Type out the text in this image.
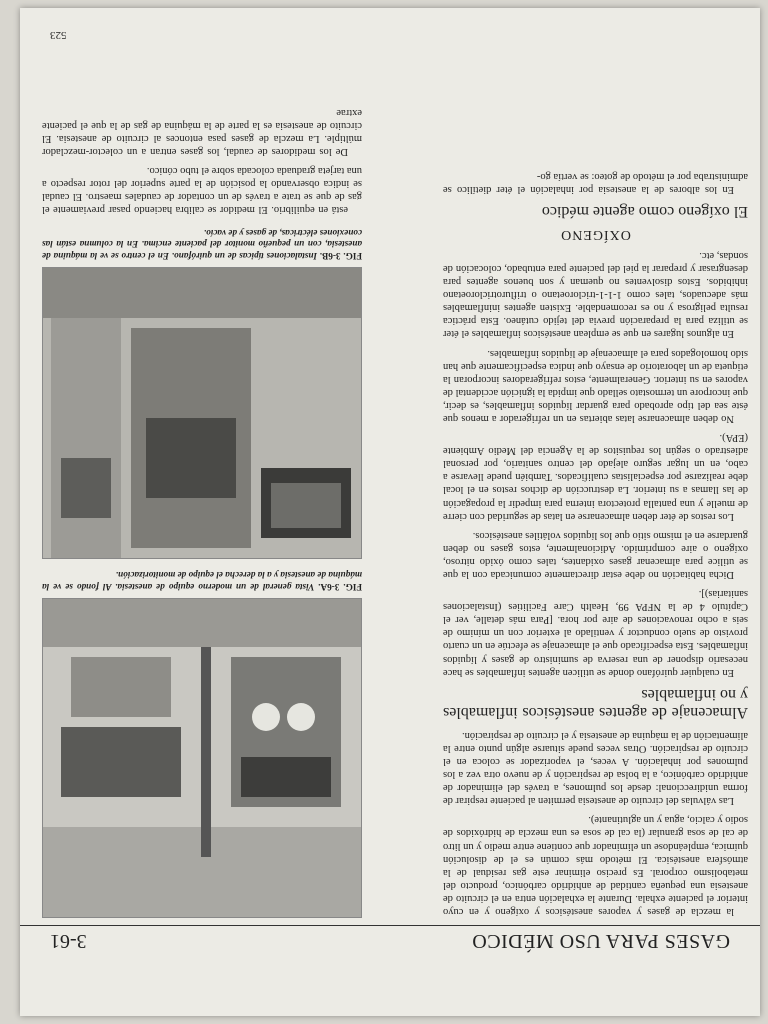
GASES PARA USO MÉDICO
3-61

la mezcla de gases y vapores anestésicos y oxígeno y en cuyo interior el paciente exhala. Durante la exhalación entra en el circuito de anestesia una pequeña cantidad de anhídrido carbónico, producto del metabolismo corporal. Es preciso eliminar este gas residual de la atmósfera anestésica. El método más común es el de disolución química, empleándose un eliminador que contiene entre medio y un litro de cal de sosa granular (la cal de sosa es una mezcla de hidróxidos de sodio y calcio, agua y un aglutinante).

Las válvulas del circuito de anestesia permiten al paciente respirar de forma unidireccional: desde los pulmones, a través del eliminador de anhídrido carbónico, a la bolsa de respiración y de nuevo otra vez a los pulmones por inhalación. A veces, el vaporizador se coloca en el circuito de respiración. Otras veces puede situarse algún punto entre la alimentación de la máquina de anestesia y el circuito de respiración.

Almacenaje de agentes anestésicos inflamables y no inflamables

En cualquier quirófano donde se utilicen agentes inflamables se hace necesario disponer de una reserva de suministro de gases y líquidos inflamables. Esta especificado que el almacenaje se efectúe en un cuarto provisto de suelo conductor y ventilado al exterior con un mínimo de seis a ocho renovaciones de aire por hora. [Para más detalle, ver el Capítulo 4 de la NFPA 99, Health Care Facilities (Instalaciones sanitarias)].

Dicha habitación no debe estar directamente comunicada con la que se utilice para almacenar gases oxidantes, tales como óxido nitroso, oxígeno o aire comprimido. Adicionalmente, estos gases no deben guardarse en el mismo sitio que los líquidos volátiles anestésicos.

Los restos de éter deben almacenarse en latas de seguridad con cierre de muelle y una pantalla protectora interna para impedir la propagación de las llamas a su interior. La destrucción de dichos restos en el local debe realizarse por especialistas cualificados. También puede llevarse a cabo, en un lugar seguro alejado del centro sanitario, por personal adiestrado o según los requisitos de la Agencia del Medio Ambiente (EPA).

No deben almacenarse latas abiertas en un refrigerador a menos que éste sea del tipo aprobado para guardar líquidos inflamables, es decir, que incorpore un termostato sellado que impida la ignición accidental de vapores en su interior. Generalmente, estos refrigeradores incorporan la etiqueta de un laboratorio de ensayo que indica específicamente que han sido homologados para el almacenaje de líquidos inflamables.

En algunos lugares en que se emplean anestésicos inflamables el éter se utiliza para la preparación previa del tejido cutáneo. Esta práctica resulta peligrosa y no es recomendable. Existen agentes ininflamables más adecuados, tales como 1-1-1-tricloroetano o triflurotricloroetano inhibidos. Estos disolventes no queman y son buenos agentes para desengrasar y preparar la piel del paciente para entubado, colocación de sondas, etc.

OXÍGENO
El oxígeno como agente médico

En los albores de la anestesia por inhalación el éter dietílico se administraba por el método de goteo: se vertía go-

FIG. 3-6A. Vista general de un moderno equipo de anestesia. Al fondo se ve la máquina de anestesia y a la derecha el equipo de monitorización.
FIG. 3-6B. Instalaciones típicas de un quirófano. En el centro se ve la máquina de anestesia, con un pequeño monitor del paciente encima. En la columna están las conexiones eléctricas, de gases y de vacío.

está en equilibrio. El medidor se calibra haciendo pasar previamente el gas de que se trate a través de un contador de caudales maestro. El caudal se indica observando la posición de la parte superior del rotor respecto a una tarjeta graduada colocada sobre el tubo cónico.

De los medidores de caudal, los gases entran a un colector-mezclador múltiple. La mezcla de gases pasa entonces al circuito de anestesia. El circuito de anestesia es la parte de la máquina de gas de la que el paciente extrae

523
